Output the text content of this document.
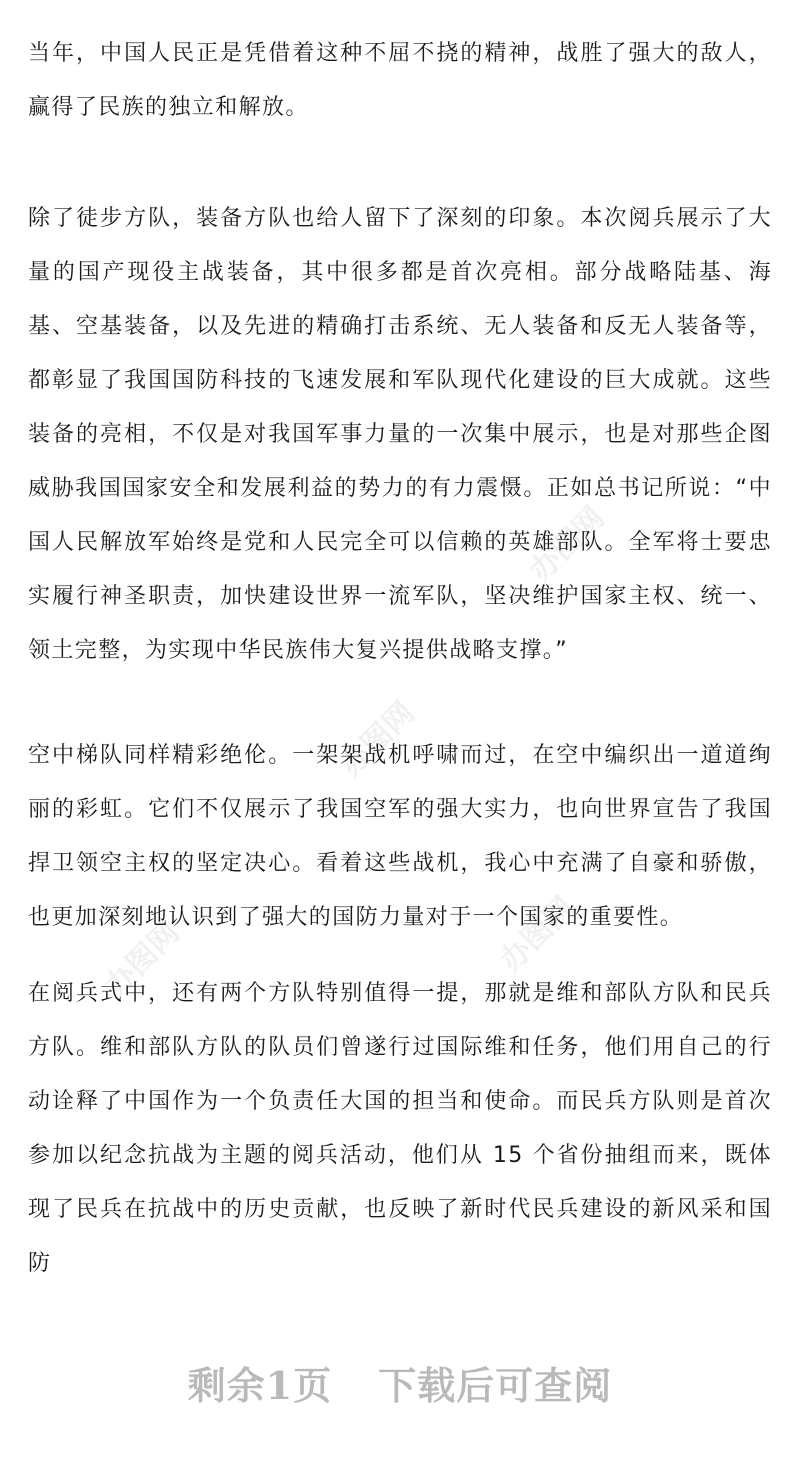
当年，中国人民正是凭借着这种不屈不挠的精神，战胜了强大的敌人，赢得了民族的独立和解放。

除了徒步方队，装备方队也给人留下了深刻的印象。本次阅兵展示了大量的国产现役主战装备，其中很多都是首次亮相。部分战略陆基、海基、空基装备，以及先进的精确打击系统、无人装备和反无人装备等，都彰显了我国国防科技的飞速发展和军队现代化建设的巨大成就。这些装备的亮相，不仅是对我国军事力量的一次集中展示，也是对那些企图威胁我国国家安全和发展利益的势力的有力震慑。正如总书记所说：“中国人民解放军始终是党和人民完全可以信赖的英雄部队。全军将士要忠实履行神圣职责，加快建设世界一流军队，坚决维护国家主权、统一、领土完整，为实现中华民族伟大复兴提供战略支撑。”

空中梯队同样精彩绝伦。一架架战机呼啸而过，在空中编织出一道道绚丽的彩虹。它们不仅展示了我国空军的强大实力，也向世界宣告了我国捍卫领空主权的坚定决心。看着这些战机，我心中充满了自豪和骄傲，也更加深刻地认识到了强大的国防力量对于一个国家的重要性。

在阅兵式中，还有两个方队特别值得一提，那就是维和部队方队和民兵方队。维和部队方队的队员们曾遂行过国际维和任务，他们用自己的行动诠释了中国作为一个负责任大国的担当和使命。而民兵方队则是首次参加以纪念抗战为主题的阅兵活动，他们从 15 个省份抽组而来，既体现了民兵在抗战中的历史贡献，也反映了新时代民兵建设的新风采和国防

办图网
办图网
办图网	办图网
剩余1页 下载后可查阅
